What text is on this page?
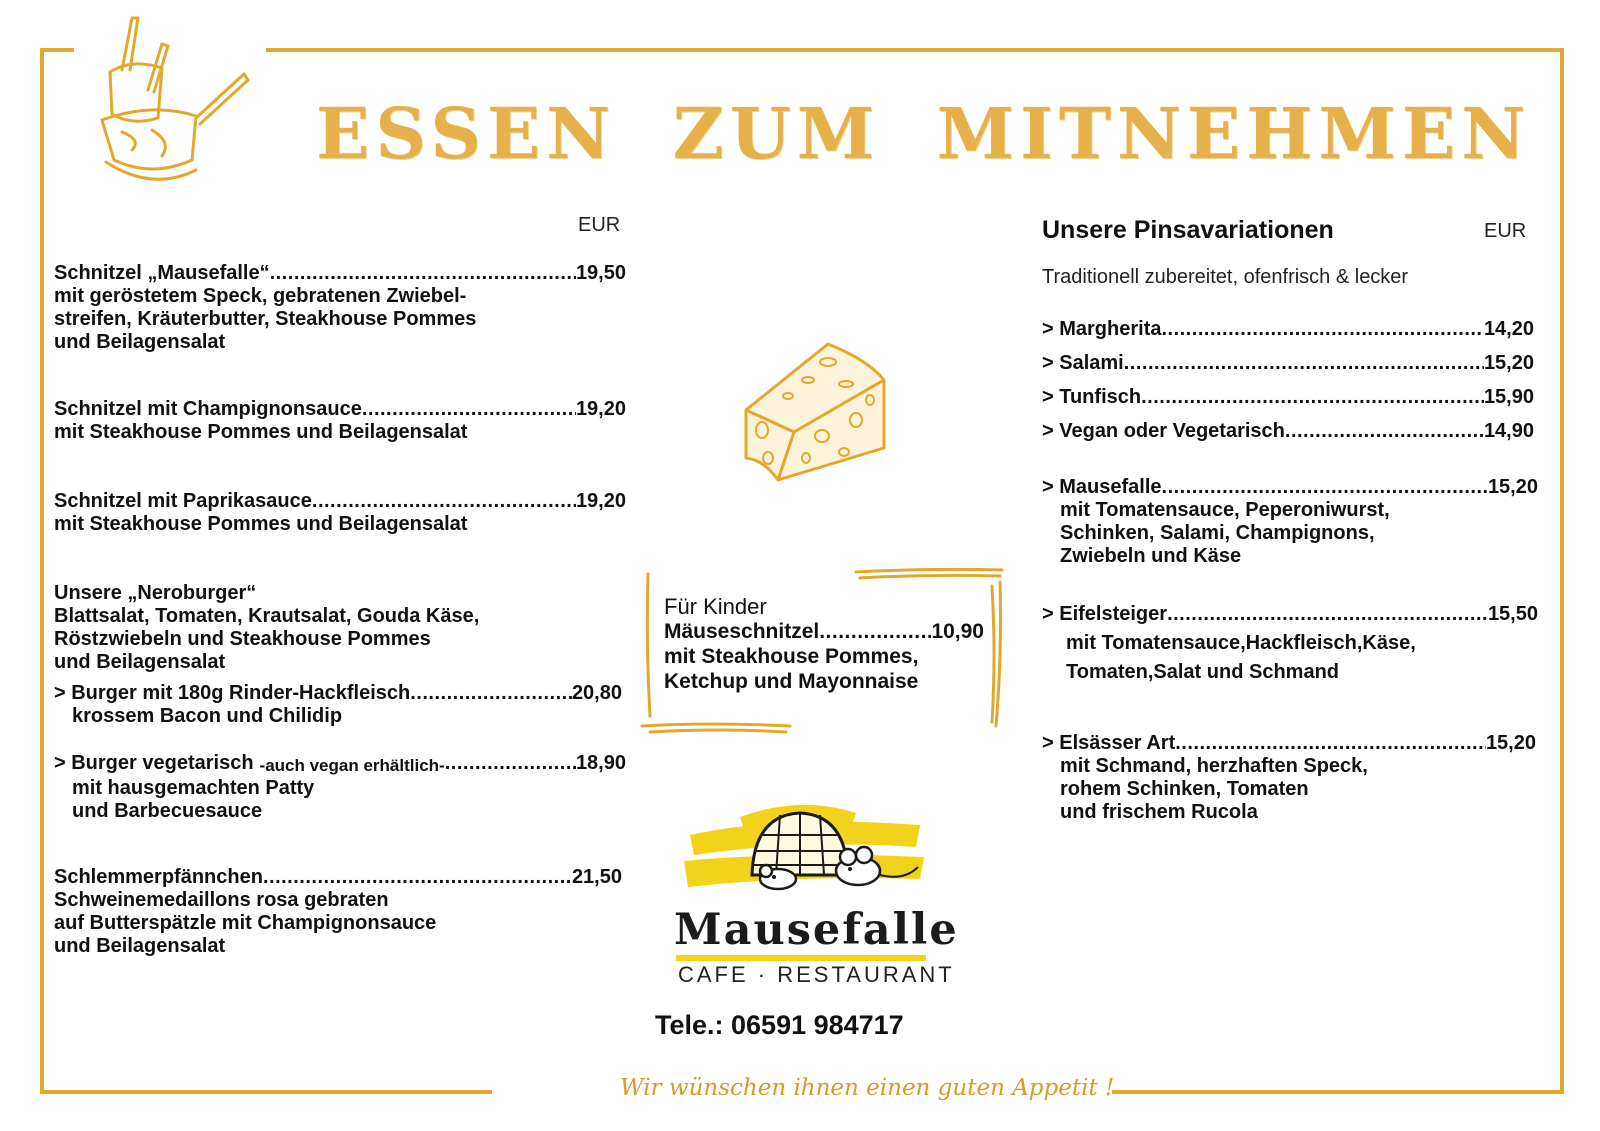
ESSEN ZUM MITNEHMEN
EUR
Schnitzel „Mausefalle“ .....	19,50
mit geröstetem Speck, gebratenen Zwiebel-
streifen, Kräuterbutter, Steakhouse Pommes
und Beilagensalat
Schnitzel mit Champignonsauce .....	19,20
mit Steakhouse Pommes und Beilagensalat
Schnitzel mit Paprikasauce .....	19,20
mit Steakhouse Pommes und Beilagensalat
Unsere „Neroburger“
Blattsalat, Tomaten, Krautsalat, Gouda Käse,
Röstzwiebeln und Steakhouse Pommes
und Beilagensalat
> Burger mit 180g Rinder-Hackfleisch .....	20,80
krossem Bacon und Chilidip
> Burger vegetarisch -auch vegan erhältlich- .....	18,90
mit hausgemachten Patty
und Barbecuesauce
Schlemmerpfännchen .....	21,50
Schweinemedaillons rosa gebraten
auf Butterspätzle mit Champignonsauce
und Beilagensalat
Für Kinder
Mäuseschnitzel .....	10,90
mit Steakhouse Pommes,
Ketchup und Mayonnaise
Mausefalle
CAFE · RESTAURANT
Tele.: 06591 984717
Wir wünschen ihnen einen guten Appetit !
Unsere Pinsavariationen	EUR
Traditionell zubereitet, ofenfrisch & lecker
> Margherita .....	14,20
> Salami .....	15,20
> Tunfisch .....	15,90
> Vegan oder Vegetarisch .....	14,90
> Mausefalle .....	15,20
mit Tomatensauce, Peperoniwurst,
Schinken, Salami, Champignons,
Zwiebeln und Käse
> Eifelsteiger .....	15,50
mit Tomatensauce,Hackfleisch,Käse,
Tomaten,Salat und Schmand
> Elsässer Art .....	15,20
mit Schmand, herzhaften Speck,
rohem Schinken, Tomaten
und frischem Rucola
